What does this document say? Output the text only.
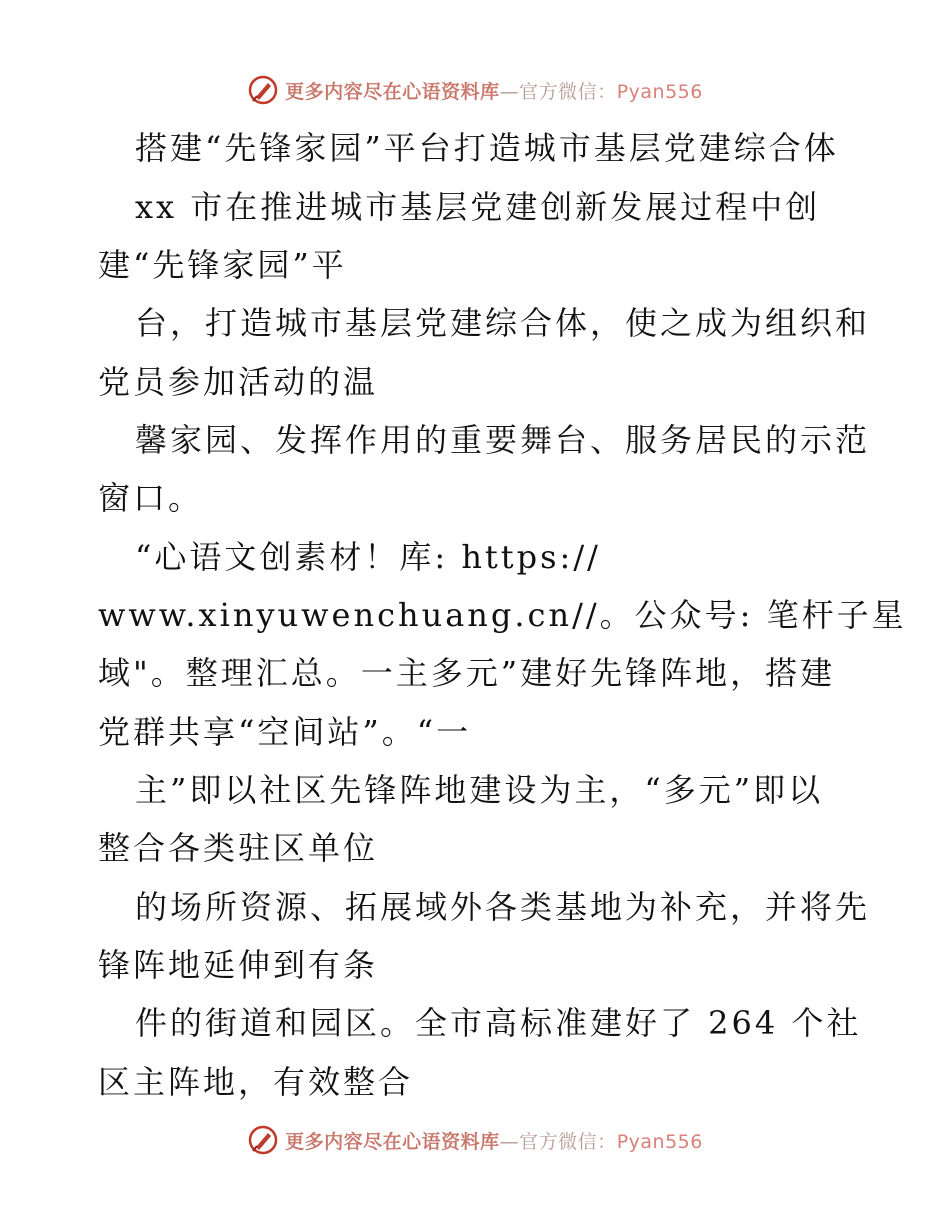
更多内容尽在心语资料库—官方微信：Pyan556
搭建“先锋家园”平台打造城市基层党建综合体
xx 市在推进城市基层党建创新发展过程中创
建“先锋家园”平
台，打造城市基层党建综合体，使之成为组织和
党员参加活动的温
馨家园、发挥作用的重要舞台、服务居民的示范
窗口。
“心语文创素材！库: https://
www.xinyuwenchuang.cn//。公众号: 笔杆子星
域"。整理汇总。一主多元”建好先锋阵地，搭建
党群共享“空间站”。“一
主”即以社区先锋阵地建设为主，“多元”即以
整合各类驻区单位
的场所资源、拓展域外各类基地为补充，并将先
锋阵地延伸到有条
件的街道和园区。全市高标准建好了 264 个社
区主阵地，有效整合
更多内容尽在心语资料库—官方微信：Pyan556
